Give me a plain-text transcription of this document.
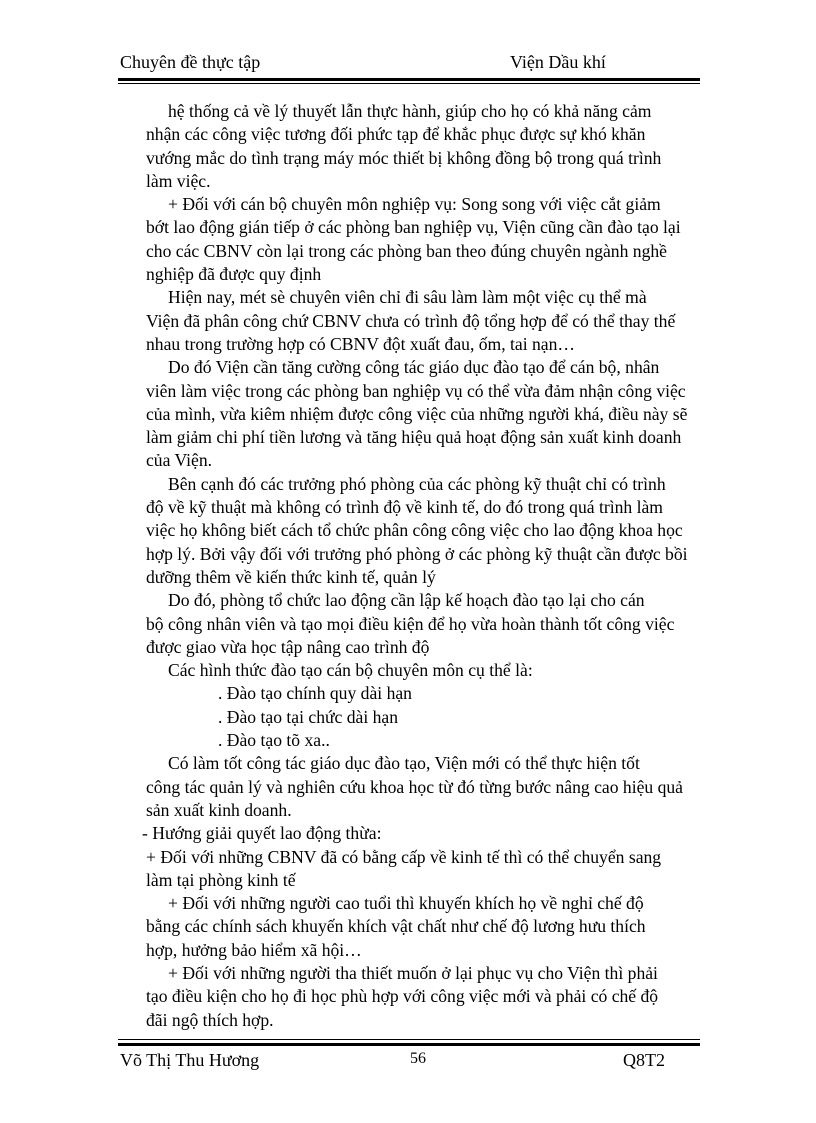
Chuyên đề thực tập	Viện Dầu khí
hệ thống cả về lý thuyết lẫn thực hành, giúp cho họ có khả năng cảm
nhận các công việc tương đối phức tạp để khắc phục được sự khó khăn
vướng mắc do tình trạng máy móc thiết bị không đồng bộ trong quá trình
làm việc.
+ Đối với cán bộ chuyên môn nghiệp vụ: Song song với việc cắt giảm
bớt lao động gián tiếp ở các phòng ban nghiệp vụ, Viện cũng cần đào tạo lại
cho các CBNV còn lại trong các phòng ban theo đúng chuyên ngành nghề
nghiệp đã được quy định
Hiện nay, mét sè chuyên viên chỉ đi sâu làm làm một việc cụ thể mà
Viện đã phân công chứ CBNV chưa có trình độ tổng hợp để có thể thay thế
nhau trong trường hợp có CBNV đột xuất đau, ốm, tai nạn…
Do đó Viện cần tăng cường công tác giáo dục đào tạo để cán bộ, nhân
viên làm việc trong các phòng ban nghiệp vụ có thể vừa đảm nhận công việc
của mình, vừa kiêm nhiệm được công việc của những người khá, điều này sẽ
làm giảm chi phí tiền lương và tăng hiệu quả hoạt động sản xuất kinh doanh
của Viện.
Bên cạnh đó các trưởng phó phòng của các phòng kỹ thuật chỉ có trình
độ về kỹ thuật mà không có trình độ về kinh tế, do đó trong quá trình làm
việc họ không biết cách tổ chức phân công công việc cho lao động khoa học
hợp lý. Bởi vậy đối với trưởng phó phòng ở các phòng kỹ thuật cần được bồi
dưỡng thêm về kiến thức kinh tế, quản lý
Do đó, phòng tổ chức lao động cần lập kế hoạch đào tạo lại cho cán
bộ công nhân viên và tạo mọi điều kiện để họ vừa hoàn thành tốt công việc
được giao vừa học tập nâng cao trình độ
Các hình thức đào tạo cán bộ chuyên môn cụ thể là:
. Đào tạo chính quy dài hạn
. Đào tạo tại chức dài hạn
. Đào tạo tõ xa..
Có làm tốt công tác giáo dục đào tạo, Viện mới có thể thực hiện tốt
công tác quản lý và nghiên cứu khoa học từ đó từng bước nâng cao hiệu quả
sản xuất kinh doanh.
- Hướng giải quyết lao động thừa:
+ Đối với những CBNV đã có bằng cấp về kinh tế thì có thể chuyển sang
làm tại phòng kinh tế
+ Đối với những người cao tuổi thì khuyến khích họ về nghỉ chế độ
bằng các chính sách khuyến khích vật chất như chế độ lương hưu thích
hợp, hưởng bảo hiểm xã hội…
+ Đối với những người tha thiết muốn ở lại phục vụ cho Viện thì phải
tạo điều kiện cho họ đi học phù hợp với công việc mới và phải có chế độ
đãi ngộ thích hợp.
Võ Thị Thu Hương	56	Q8T2
